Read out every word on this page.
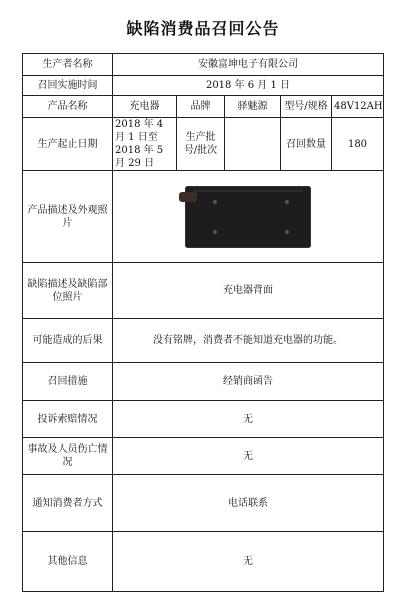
缺陷消费品召回公告
生产者名称	安徽富坤电子有限公司				
召回实施时间	2018 年 6 月 1 日				
产品名称	充电器	品牌	驿魅源	型号/规格	48V12AH
生产起止日期	2018 年 4 月 1 日至 2018 年 5 月 29 日	生产批号/批次		召回数量	180
产品描述及外观照片					

缺陷描述及缺陷部位照片	充电器背面				
可能造成的后果	没有铭牌，消费者不能知道充电器的功能。				
召回措施	经销商函告				
投诉索赔情况	无				
事故及人员伤亡情况	无				
通知消费者方式	电话联系				
其他信息	无				
